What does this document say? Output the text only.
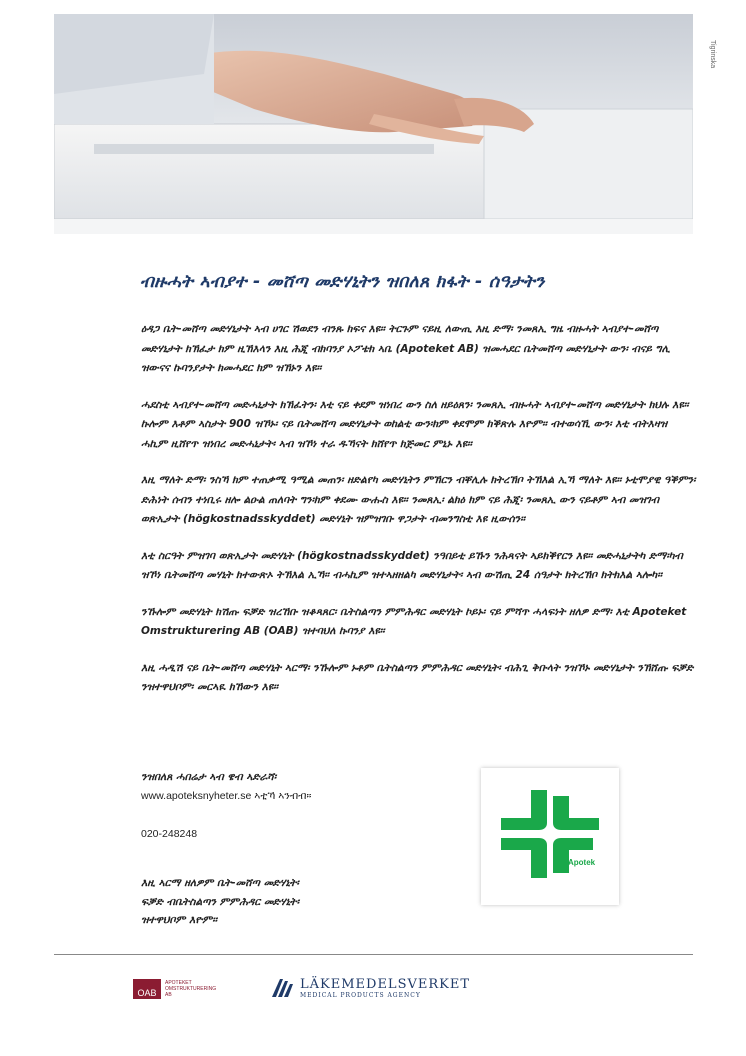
Tigrinska
ብዙሓት ኣብያተ - መሸጣ መድሃኒትን ዝበለጸ ክፋት - ሰዓታትን

ዕዳጋ ቤት-መሸጣ መድሃኒታት ኣብ ሀገር ሽወደን ብንጹ ክፍና እዩ። ትርጉም ናይዚ ለውጢ እዚ ድማ፡ ንመጸኢ ግዜ ብዙሓት ኣብያተ-መሸጣ መድሃኒታት ክኽፈታ ክም ዚኽእላን እዚ ሕጂ ብክባንያ ኦፖቴክ ኣቤ (Apoteket AB) ዝመሓደር ቤትመሸጣ መድሃኒታት ውን፡ ብናይ ግሊ ዝውናና ኩባንያታት ክመሓደር ክም ዝኽኑን እዩ።

ሓደስቲ ኣብያተ-መሸጣ መድሓኒታት ክኽፈትን፡ እቲ ናይ ቀደም ዝነበረ ውን ስለ ዘይዕጸን፡ ንመጸኢ ብዙሓት ኣብያተ-መሸጣ መድሃኒታት ክህሉ እዩ። ኩሎም እቶም ኣስታት 900 ዝኾኑ፡ ናይ ቤትመሸጣ መድሃኒታት ወከልቲ ውን፡ክም ቀደሞም ክቕጽሉ እዮም። ብተወሳኺ ውን፡ እቲ ብትእዛዝ ሓኪም ዚሸየጥ ዝነበረ መድሓኒታት፡ ኣብ ዝኾነ ተራ ዱኻናት ክሸየጥ ክጅመር ምኒኑ እዩ።

እዚ ማለት ድማ፡ ንስኻ ክም ተጠቃሚ ዓሚል መጠን፡ ዘድልየካ መድሃኒትን ምኽርን ብቐሊሉ ክትረኽቦ ትኽእል ኢኻ ማለት እዩ። ኑቲሞያዊ ዓቕምን፡ ድሕነት ሰብን ተነቢሩ ዘሎ ልዑል ጠለባት ግን፡ክም ቀደሙ ውሑስ እዩ። ንመጸኢ፡ ልክዕ ክም ናይ ሕጂ፡ ንመጸኢ ውን ናይቶም ኣብ መዝገብ ወጽኢታት (högkostnadsskyddet) መድሃኒት ዝምዝገቡ ዋጋታት ብመንግስቲ እዩ ዚውሰን።

እቲ ስርዓት ምዝገባ ወጽኢታት መድሃኒት (högkostnadsskyddet) ንዓበይቲ ይኹን ንሕጻናት ኣይክቕየርን እዩ። መድሓኒታትካ ድማ፡ካብ ዝኾነ ቤትመሸጣ መሃኒት ክተውጽኦ ትኽእል ኢኻ። ብሓኪም ዝተኣዘዘልካ መድሃኒታት፡ ኣብ ውሽጢ 24 ሰዓታት ክትረኽቦ ክትክእል ኣሎካ።

ንኹሎም መድሃኒት ክሽጡ ፍቓድ ዝረኸቡ ዝቆጻጸር፡ ቤትስልጣን ምምሕዳር መድሃኒት ኮይኑ፡ ናይ ምሻጥ ሓላፍነት ዘለዎ ድማ፡ እቲ Apoteket Omstrukturering AB (OAB) ዝተባህለ ኩባንያ እዩ።

እዚ ሓዲሽ ናይ ቤት-መሸጣ መድሃኒት ኣርማ፡ ንኹሎም ኑቶም ቤትስልጣን ምምሕዳር መድሃኒት፡ ብሕጊ ቅቡላት ንዝኾኑ መድሃኒታት ንኽሸጡ ፍቓድ ንዝተዋህቦም፡ መርኣዪ ክኸውን እዩ።

ንዝበለጸ ሓበሬታ ኣብ ዌብ ኣድራሻ፡
www.apoteksnyheter.se ኣቲኻ ኣንብብ።
020-248248
እዚ ኣርማ ዘለዎም ቤት-መሸጣ መድሃኒት፡
ፍቓድ ብቤትስልጣን ምምሕዳር መድሃኒት፡
ዝተዋህቦም እዮም።
Apotek
OAB
APOTEKET
OMSTRUKTURERING
AB
LÄKEMEDELSVERKET
MEDICAL PRODUCTS AGENCY
